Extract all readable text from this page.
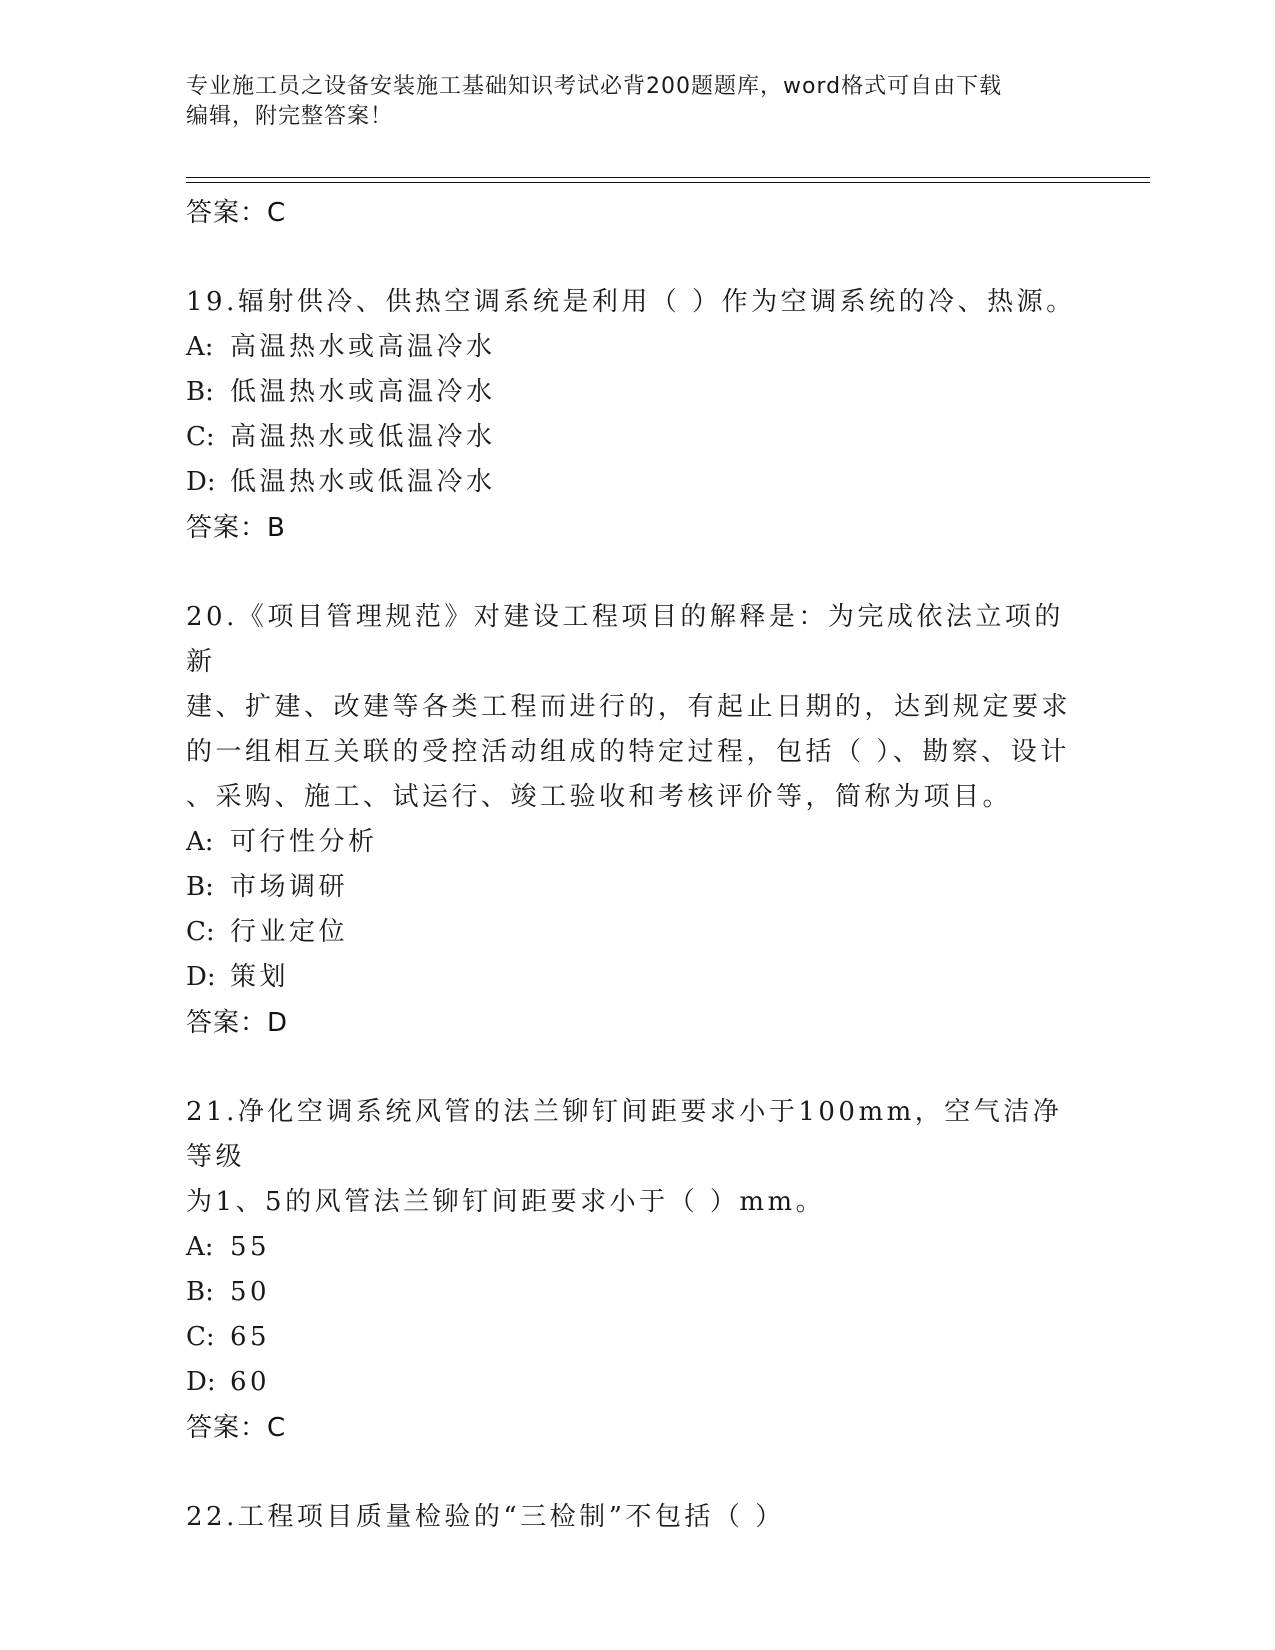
专业施工员之设备安装施工基础知识考试必背200题题库，word格式可自由下载
编辑，附完整答案！
答案：C
19.辐射供冷、供热空调系统是利用（ ）作为空调系统的冷、热源。
A: 高温热水或高温冷水
B: 低温热水或高温冷水
C: 高温热水或低温冷水
D: 低温热水或低温冷水
答案：B
20.《项目管理规范》对建设工程项目的解释是：为完成依法立项的新
建、扩建、改建等各类工程而进行的，有起止日期的，达到规定要求
的一组相互关联的受控活动组成的特定过程，包括（ ）、勘察、设计
、采购、施工、试运行、竣工验收和考核评价等，简称为项目。
A: 可行性分析
B: 市场调研
C: 行业定位
D: 策划
答案：D
21.净化空调系统风管的法兰铆钉间距要求小于100mm，空气洁净等级
为1、5的风管法兰铆钉间距要求小于（ ）mm。
A: 55
B: 50
C: 65
D: 60
答案：C
22.工程项目质量检验的“三检制”不包括（ ）
